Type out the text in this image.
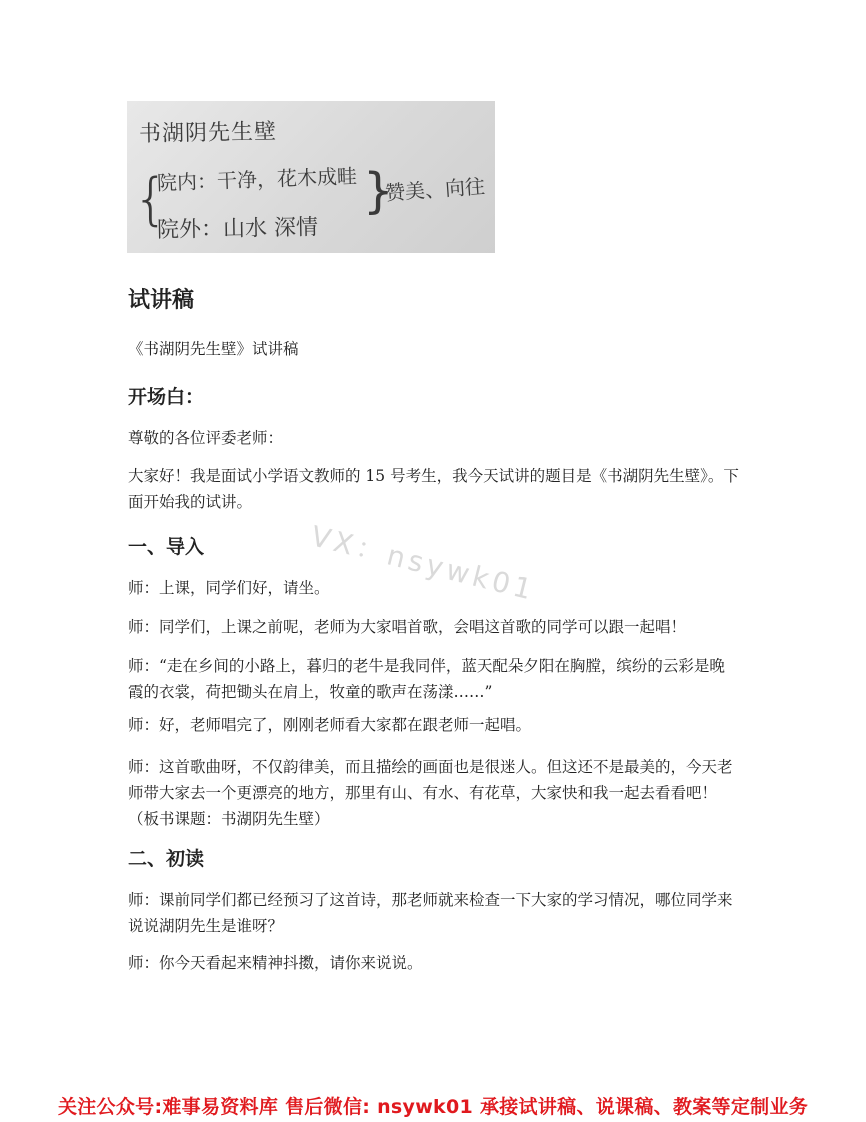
书湖阴先生壁
{
院内：干净，花木成畦
院外：山水 深情
}
赞美、向往
试讲稿
《书湖阴先生壁》试讲稿
开场白：
尊敬的各位评委老师：
大家好！我是面试小学语文教师的 15 号考生，我今天试讲的题目是《书湖阴先生壁》。下面开始我的试讲。
VX：nsywk01
一、导入
师：上课，同学们好，请坐。
师：同学们，上课之前呢，老师为大家唱首歌，会唱这首歌的同学可以跟一起唱！
师：“走在乡间的小路上，暮归的老牛是我同伴，蓝天配朵夕阳在胸膛，缤纷的云彩是晚霞的衣裳，荷把锄头在肩上，牧童的歌声在荡漾……”
师：好，老师唱完了，刚刚老师看大家都在跟老师一起唱。
师：这首歌曲呀，不仅韵律美，而且描绘的画面也是很迷人。但这还不是最美的，今天老师带大家去一个更漂亮的地方，那里有山、有水、有花草，大家快和我一起去看看吧！（板书课题：书湖阴先生壁）
二、初读
师：课前同学们都已经预习了这首诗，那老师就来检查一下大家的学习情况，哪位同学来说说湖阴先生是谁呀？
师：你今天看起来精神抖擞，请你来说说。
关注公众号:难事易资料库 售后微信: nsywk01 承接试讲稿、说课稿、教案等定制业务
